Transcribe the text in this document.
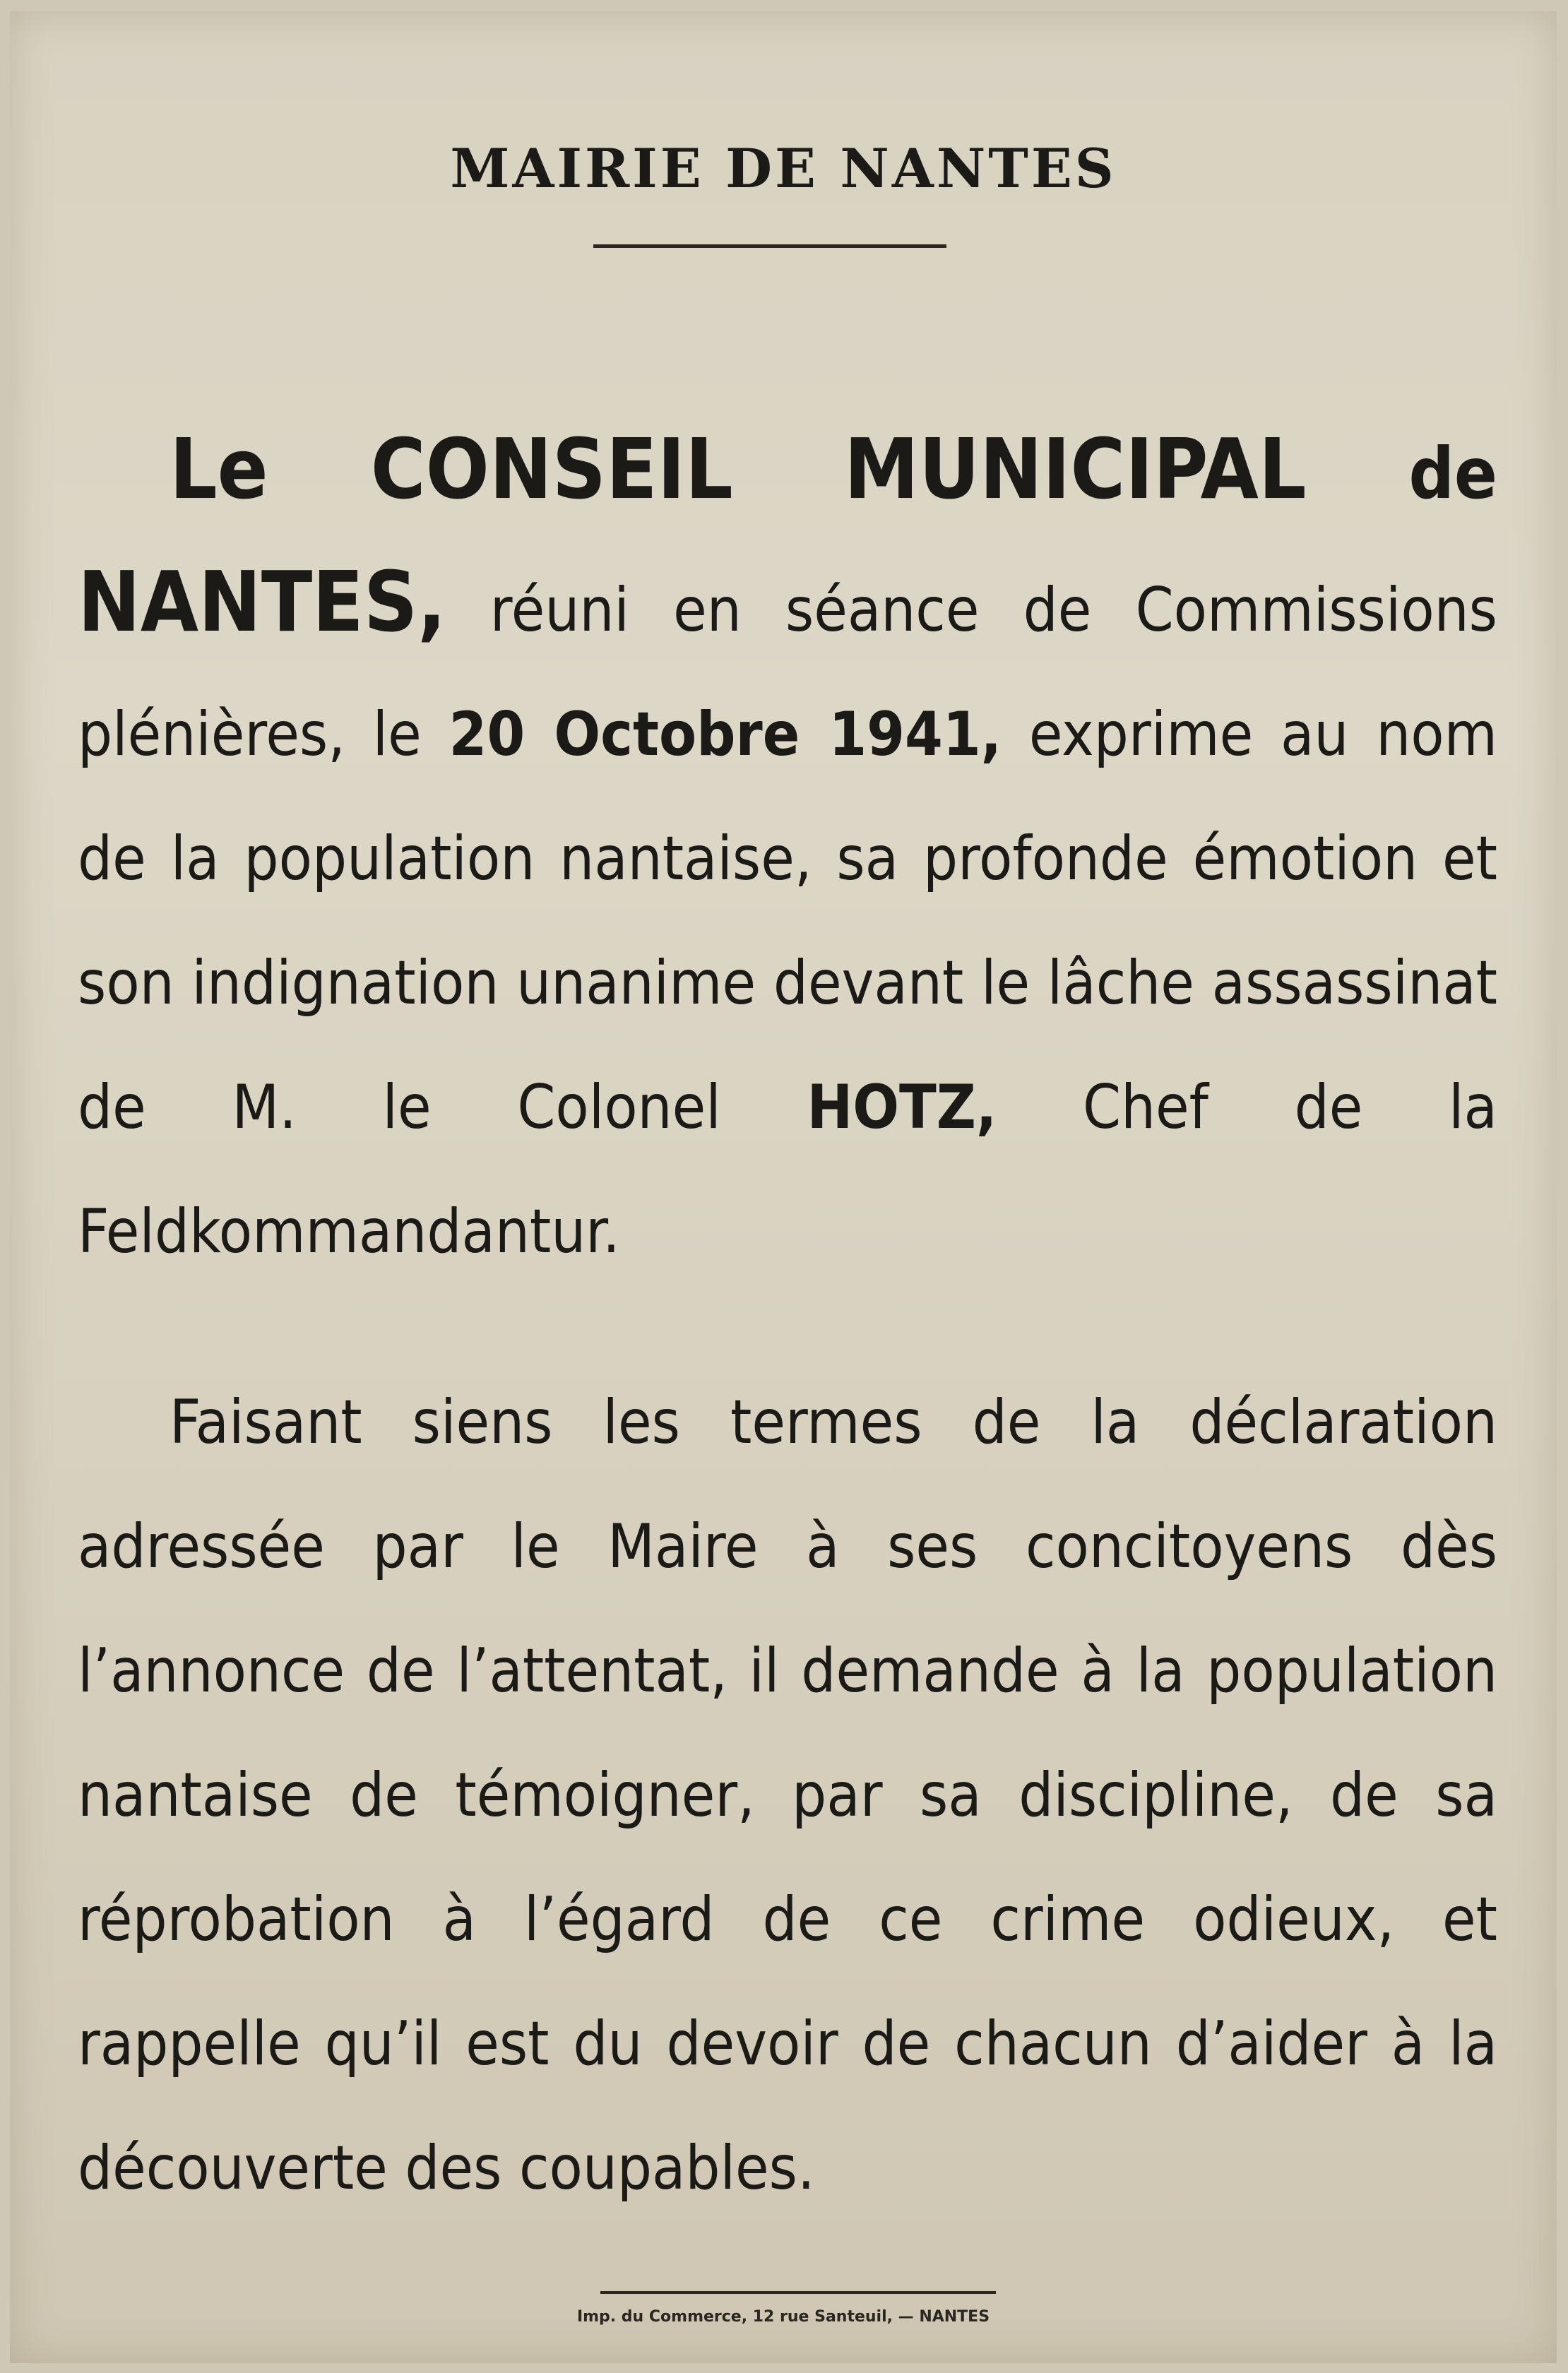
MAIRIE DE NANTES

Le CONSEIL MUNICIPAL de NANTES, réuni en séance de Commissions plénières, le 20 Octobre 1941, exprime au nom de la population nantaise, sa profonde émotion et son indignation unanime devant le lâche assassinat de M. le Colonel HOTZ, Chef de la Feldkommandantur.

Faisant siens les termes de la déclaration adressée par le Maire à ses concitoyens dès l’annonce de l’attentat, il demande à la population nantaise de témoigner, par sa discipline, de sa réprobation à l’égard de ce crime odieux, et rappelle qu’il est du devoir de chacun d’aider à la découverte des coupables.

Imp. du Commerce, 12 rue Santeuil, — NANTES
